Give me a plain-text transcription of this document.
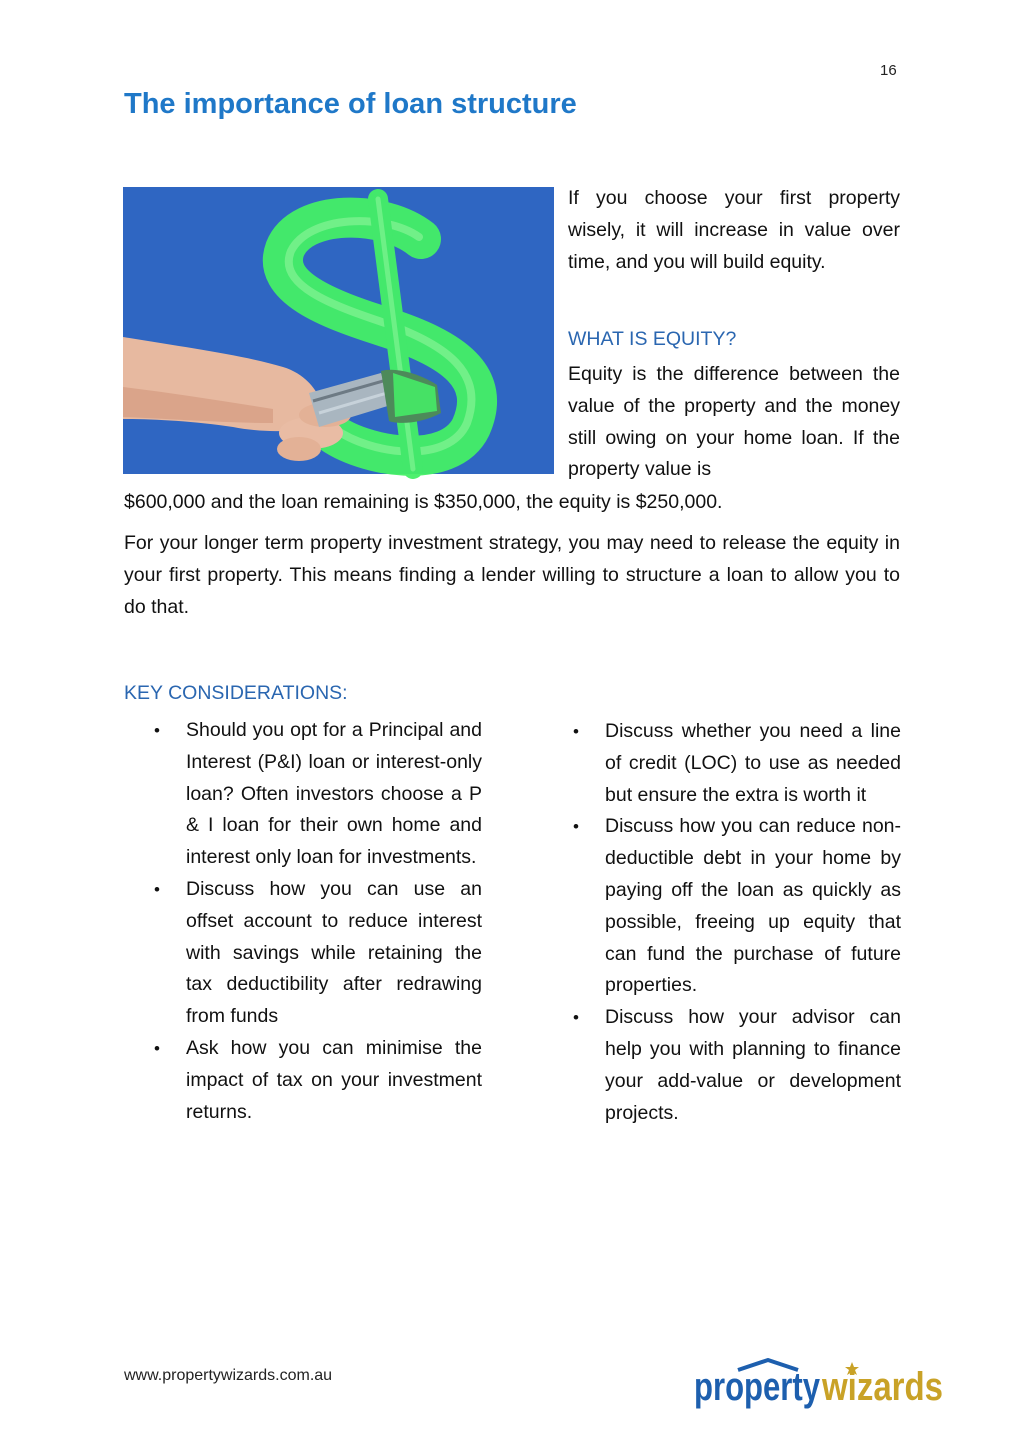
16
The importance of loan structure

If you choose your first property wisely, it will increase in value over time, and you will build equity.

WHAT IS EQUITY?

Equity is the difference between the value of the property and the money still owing on your home loan. If the property value is

$600,000 and the loan remaining is $350,000, the equity is $250,000.

For your longer term property investment strategy, you may need to release the equity in your first property. This means finding a lender willing to structure a loan to allow you to do that.

KEY CONSIDERATIONS:
• Should you opt for a Principal and Interest (P&I) loan or interest-only loan? Often investors choose a P & I loan for their own home and interest only loan for investments.
• Discuss how you can use an offset account to reduce interest with savings while retaining the tax deductibility after redrawing from funds
• Ask how you can minimise the impact of tax on your investment returns.
• Discuss whether you need a line of credit (LOC) to use as needed but ensure the extra is worth it
• Discuss how you can reduce non-deductible debt in your home by paying off the loan as quickly as possible, freeing up equity that can fund the purchase of future properties.
• Discuss how your advisor can help you with planning to finance your add-value or development projects.
www.propertywizards.com.au	property wizards
